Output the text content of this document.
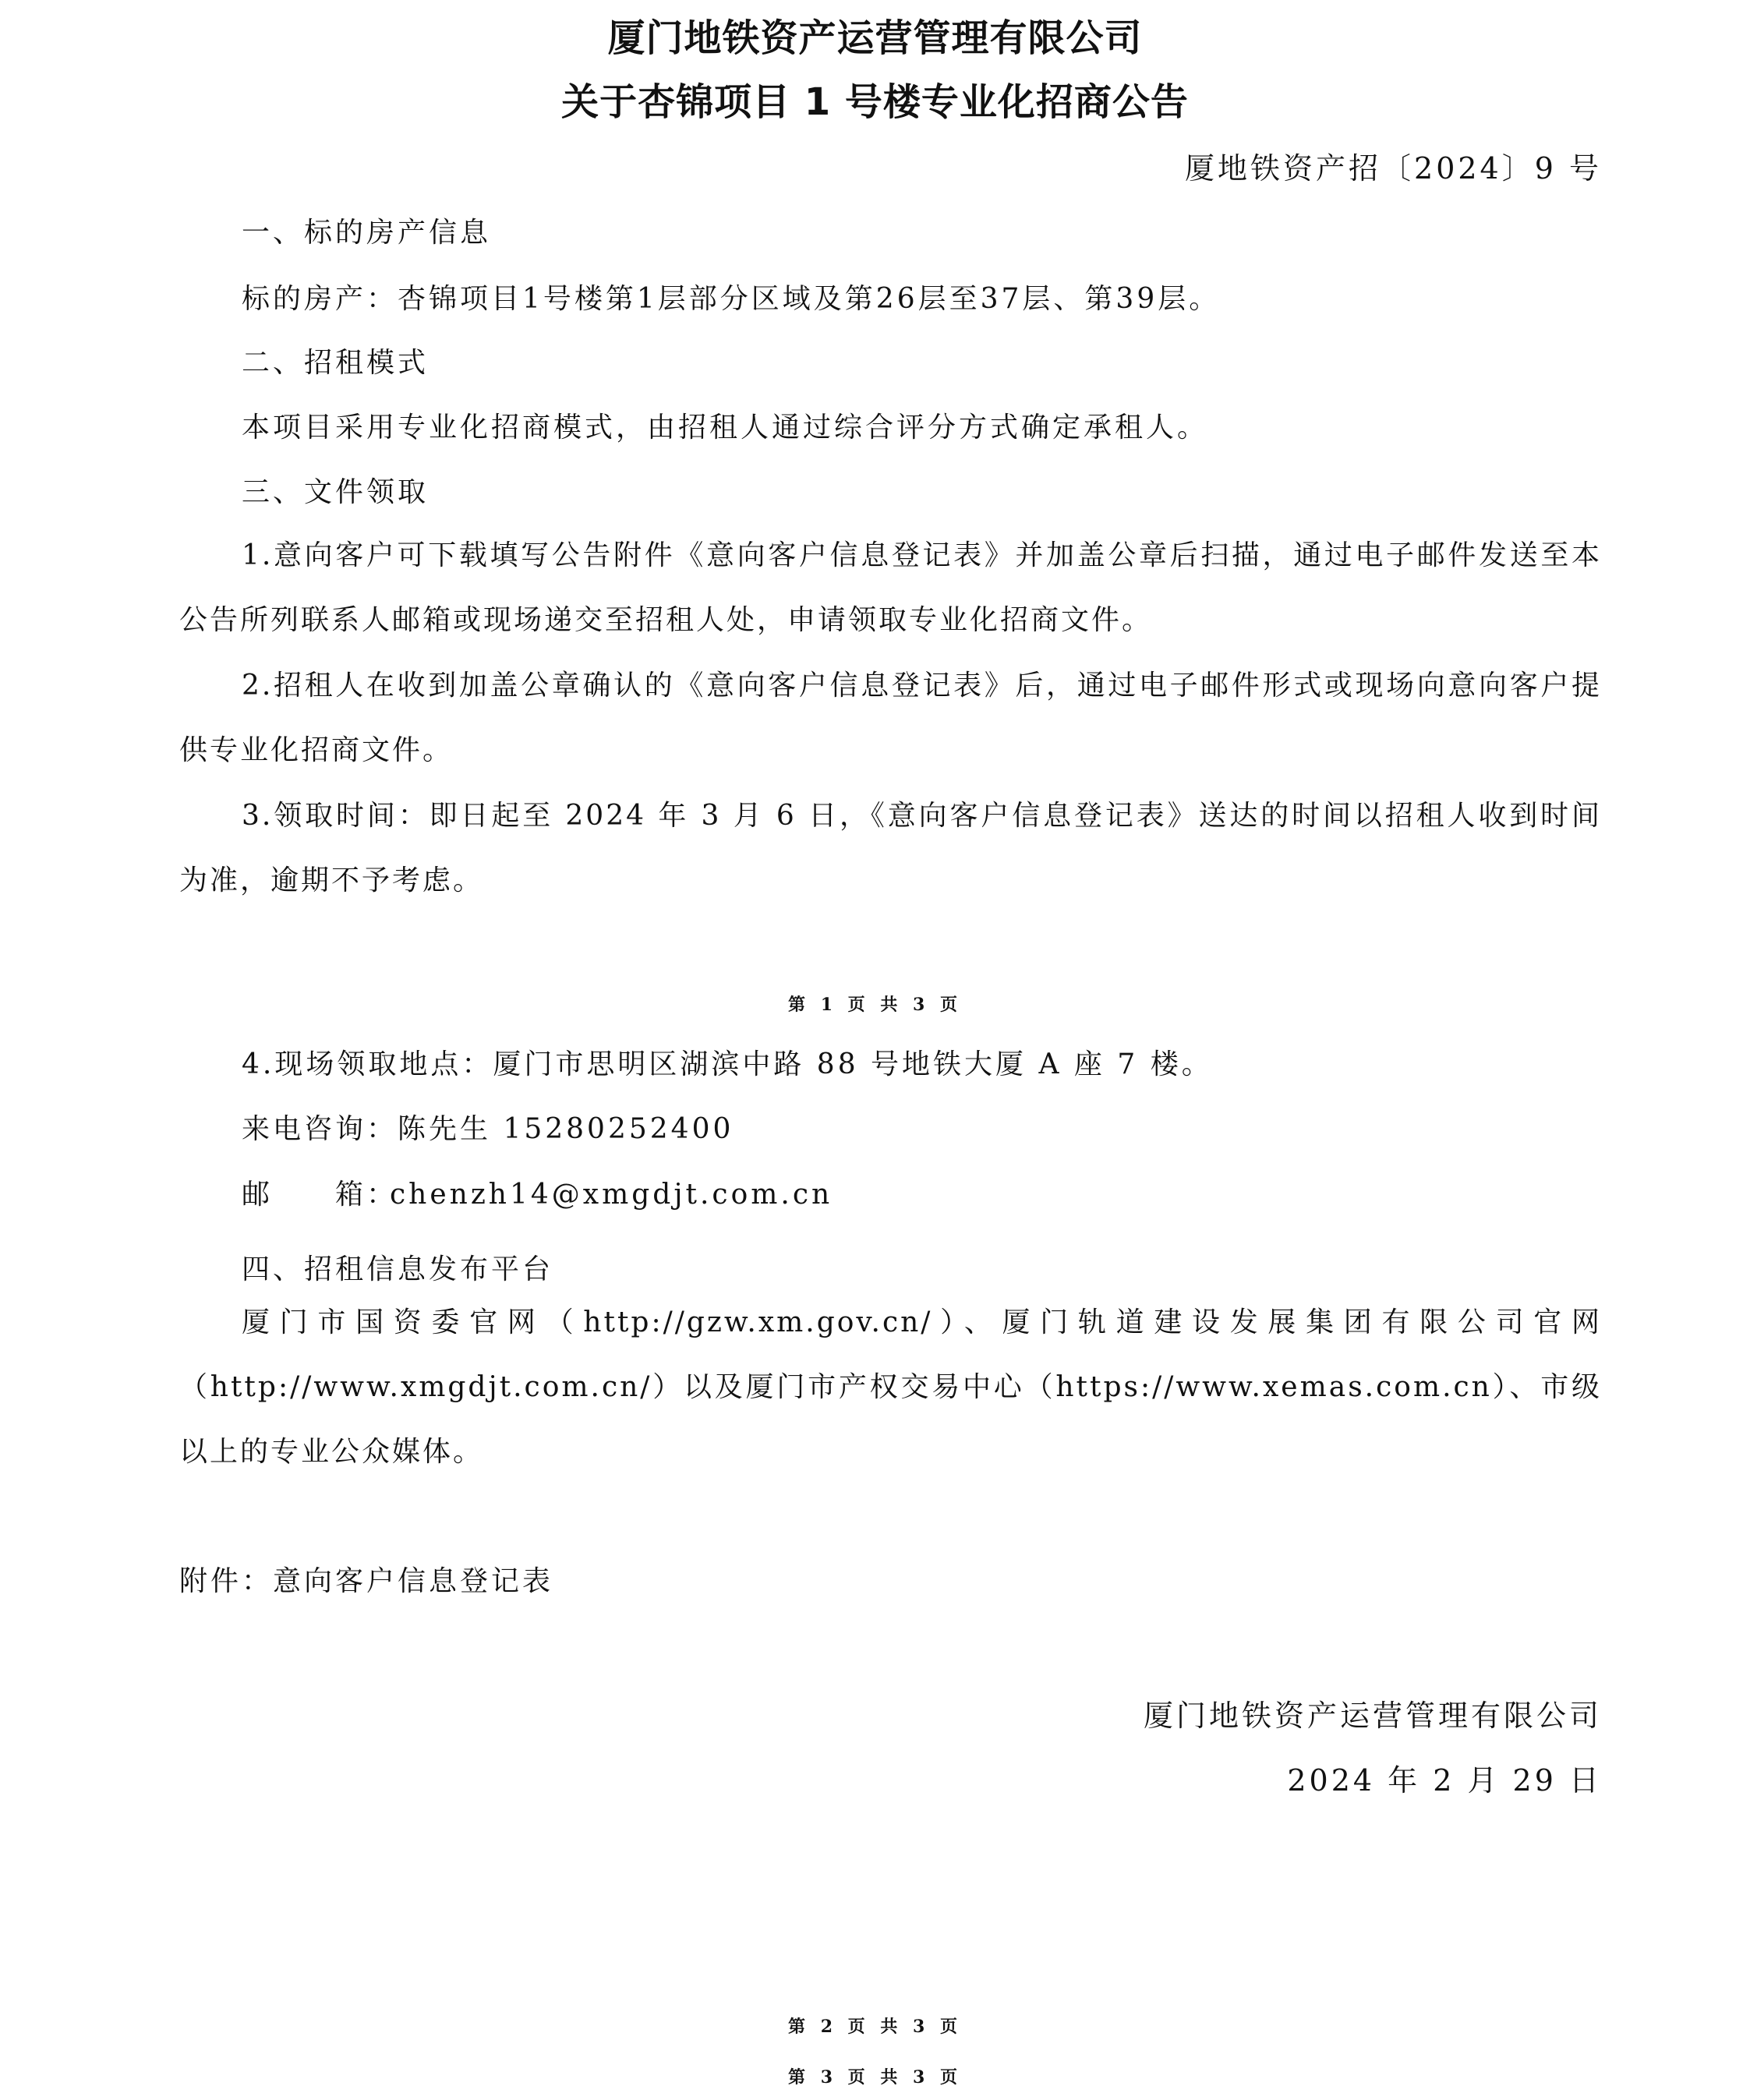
厦门地铁资产运营管理有限公司
关于杏锦项目 1 号楼专业化招商公告
厦地铁资产招〔2024〕9 号
一、标的房产信息
标的房产：杏锦项目1号楼第1层部分区域及第26层至37层、第39层。
二、招租模式
本项目采用专业化招商模式，由招租人通过综合评分方式确定承租人。
三、文件领取
1.意向客户可下载填写公告附件《意向客户信息登记表》并加盖公章后扫描，通过电子邮件发送至本公告所列联系人邮箱或现场递交至招租人处，申请领取专业化招商文件。
2.招租人在收到加盖公章确认的《意向客户信息登记表》后，通过电子邮件形式或现场向意向客户提供专业化招商文件。
3.领取时间：即日起至 2024 年 3 月 6 日，《意向客户信息登记表》送达的时间以招租人收到时间为准，逾期不予考虑。
第 1 页 共 3 页
4.现场领取地点：厦门市思明区湖滨中路 88 号地铁大厦 A 座 7 楼。
来电咨询：陈先生 15280252400
邮　　箱：chenzh14@xmgdjt.com.cn
四、招租信息发布平台
厦门市国资委官网（http://gzw.xm.gov.cn/）、厦门轨道建设发展集团有限公司官网（http://www.xmgdjt.com.cn/）以及厦门市产权交易中心（https://www.xemas.com.cn）、市级以上的专业公众媒体。
附件：意向客户信息登记表
厦门地铁资产运营管理有限公司
2024 年 2 月 29 日
第 2 页 共 3 页
第 3 页 共 3 页
